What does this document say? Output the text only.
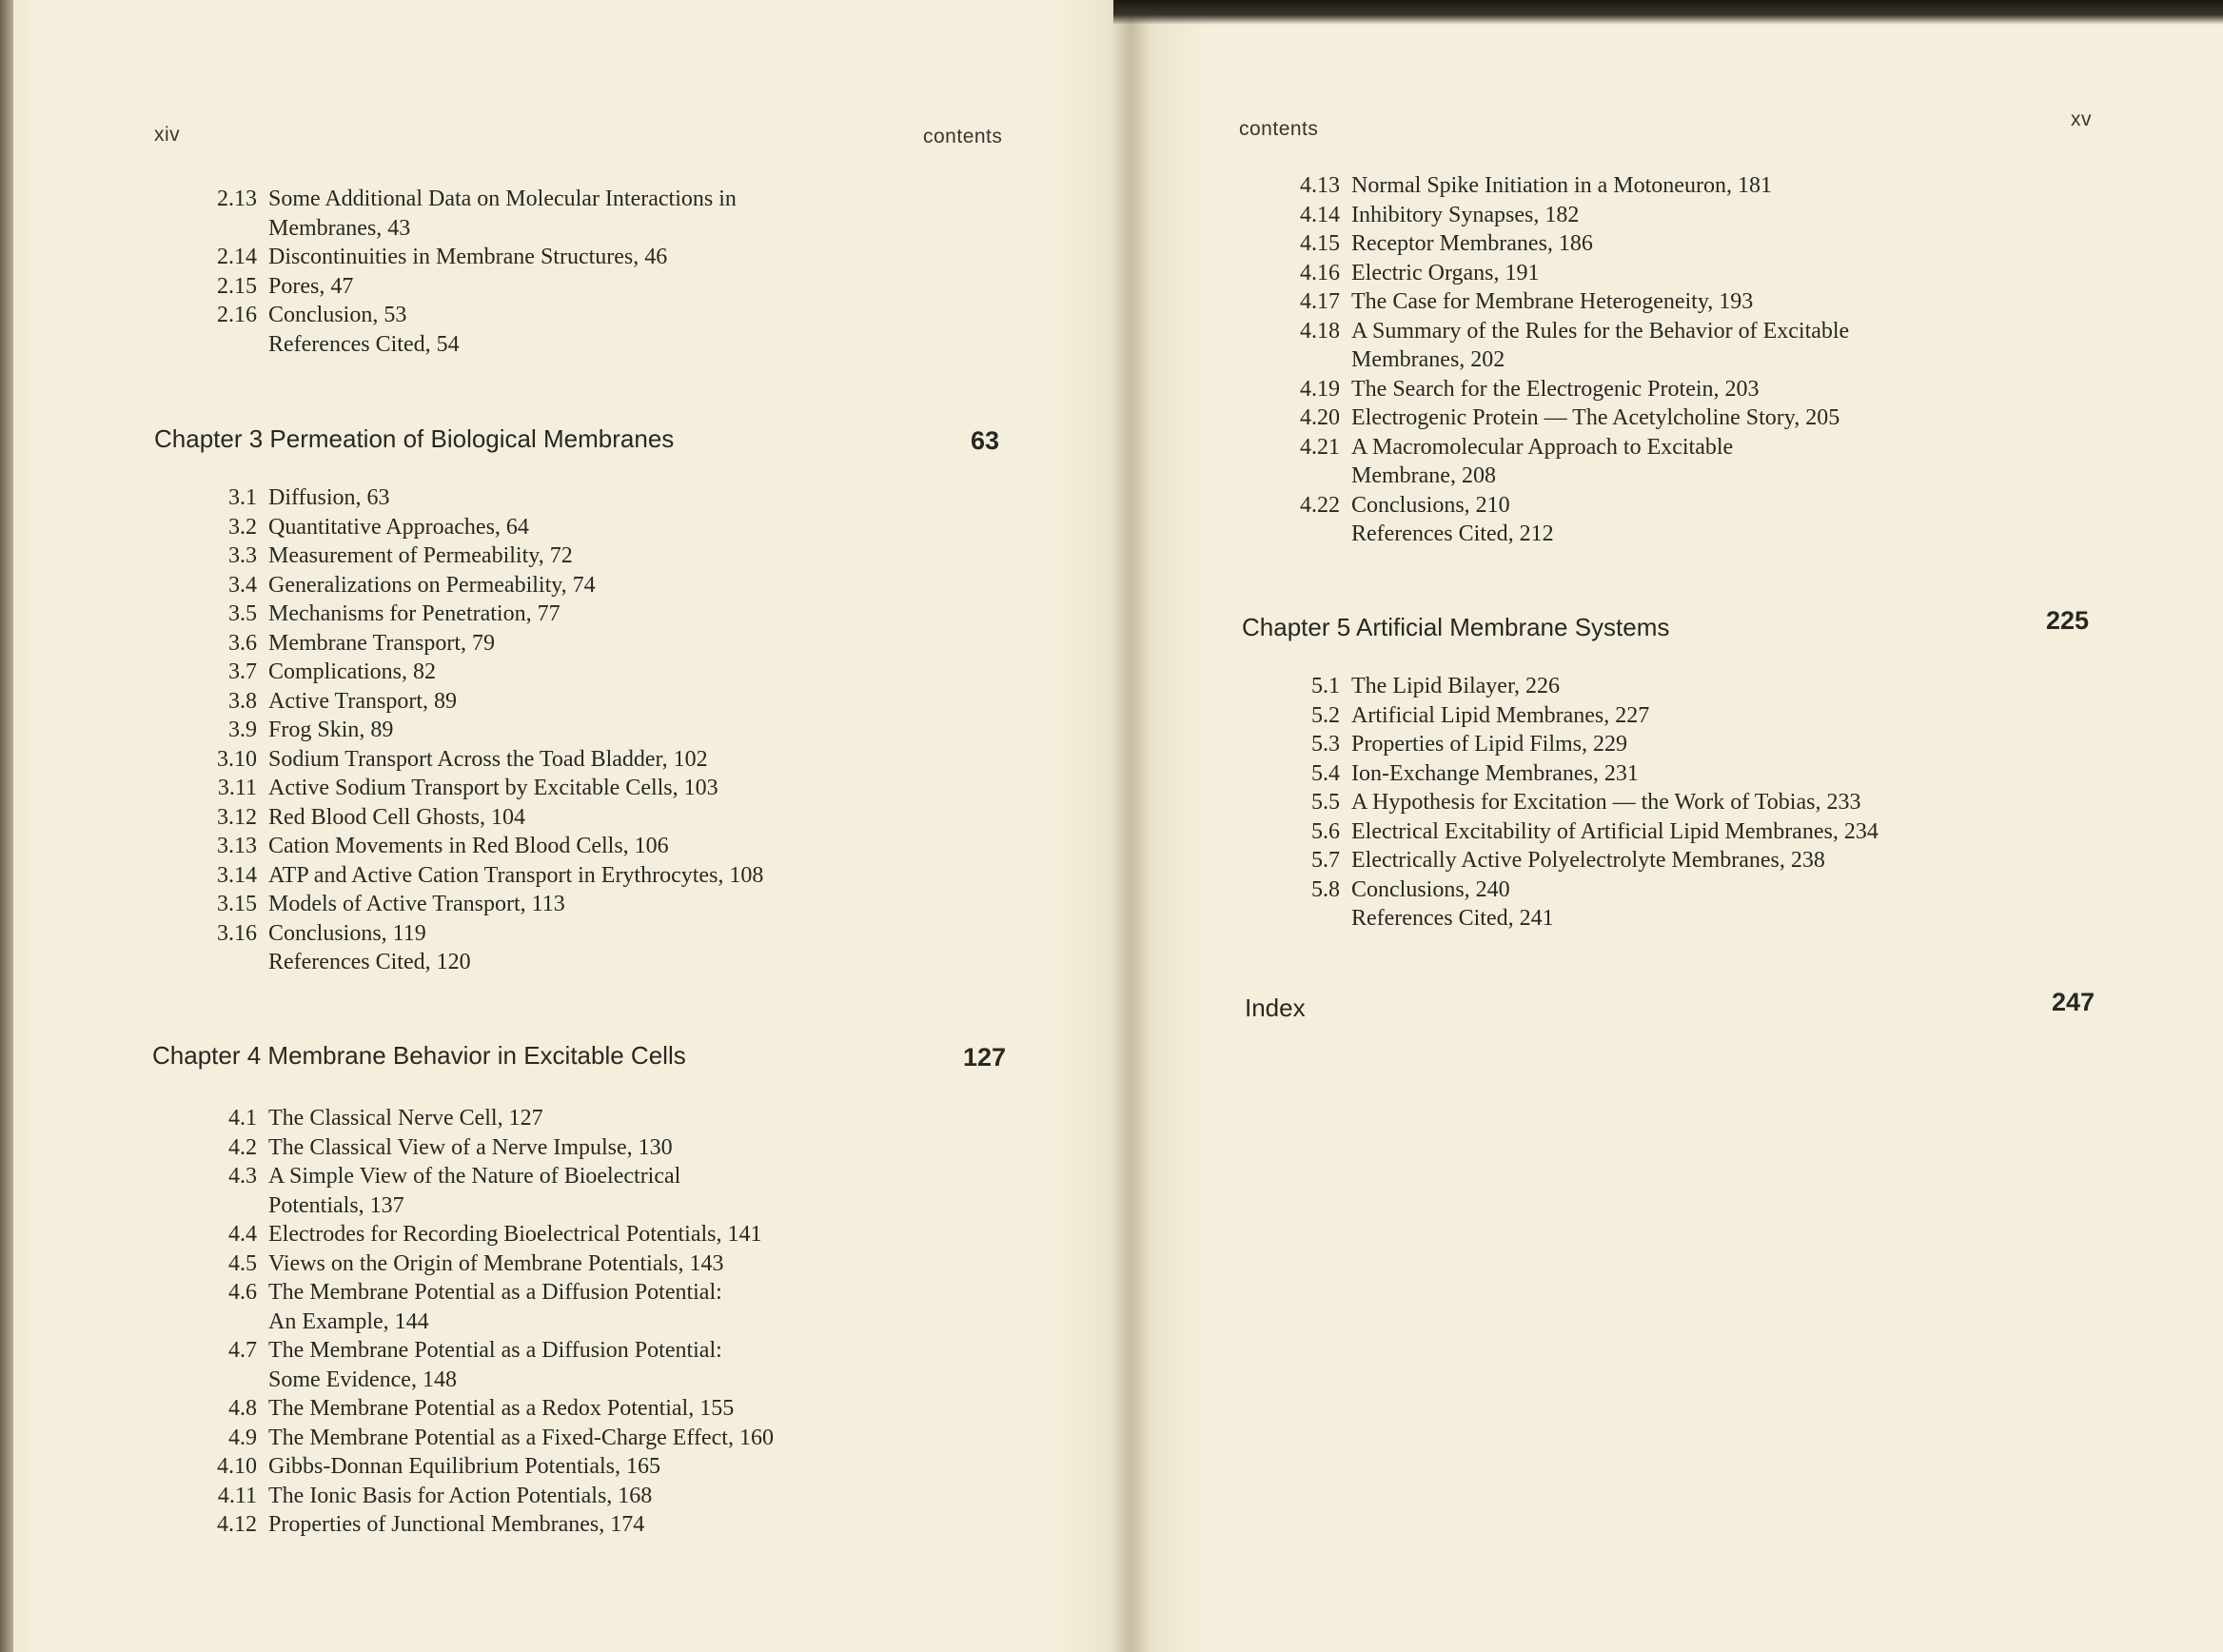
xiv	contents
2.13 Some Additional Data on Molecular Interactions in
Membranes, 43
2.14 Discontinuities in Membrane Structures, 46
2.15 Pores, 47
2.16 Conclusion, 53
References Cited, 54
Chapter 3 Permeation of Biological Membranes	63
3.1 Diffusion, 63
3.2 Quantitative Approaches, 64
3.3 Measurement of Permeability, 72
3.4 Generalizations on Permeability, 74
3.5 Mechanisms for Penetration, 77
3.6 Membrane Transport, 79
3.7 Complications, 82
3.8 Active Transport, 89
3.9 Frog Skin, 89
3.10 Sodium Transport Across the Toad Bladder, 102
3.11 Active Sodium Transport by Excitable Cells, 103
3.12 Red Blood Cell Ghosts, 104
3.13 Cation Movements in Red Blood Cells, 106
3.14 ATP and Active Cation Transport in Erythrocytes, 108
3.15 Models of Active Transport, 113
3.16 Conclusions, 119
References Cited, 120
Chapter 4 Membrane Behavior in Excitable Cells	127
4.1 The Classical Nerve Cell, 127
4.2 The Classical View of a Nerve Impulse, 130
4.3 A Simple View of the Nature of Bioelectrical
Potentials, 137
4.4 Electrodes for Recording Bioelectrical Potentials, 141
4.5 Views on the Origin of Membrane Potentials, 143
4.6 The Membrane Potential as a Diffusion Potential:
An Example, 144
4.7 The Membrane Potential as a Diffusion Potential:
Some Evidence, 148
4.8 The Membrane Potential as a Redox Potential, 155
4.9 The Membrane Potential as a Fixed-Charge Effect, 160
4.10 Gibbs-Donnan Equilibrium Potentials, 165
4.11 The Ionic Basis for Action Potentials, 168
4.12 Properties of Junctional Membranes, 174
contents	xv
4.13 Normal Spike Initiation in a Motoneuron, 181
4.14 Inhibitory Synapses, 182
4.15 Receptor Membranes, 186
4.16 Electric Organs, 191
4.17 The Case for Membrane Heterogeneity, 193
4.18 A Summary of the Rules for the Behavior of Excitable
Membranes, 202
4.19 The Search for the Electrogenic Protein, 203
4.20 Electrogenic Protein — The Acetylcholine Story, 205
4.21 A Macromolecular Approach to Excitable
Membrane, 208
4.22 Conclusions, 210
References Cited, 212
Chapter 5 Artificial Membrane Systems	225
5.1 The Lipid Bilayer, 226
5.2 Artificial Lipid Membranes, 227
5.3 Properties of Lipid Films, 229
5.4 Ion-Exchange Membranes, 231
5.5 A Hypothesis for Excitation — the Work of Tobias, 233
5.6 Electrical Excitability of Artificial Lipid Membranes, 234
5.7 Electrically Active Polyelectrolyte Membranes, 238
5.8 Conclusions, 240
References Cited, 241
Index	247
